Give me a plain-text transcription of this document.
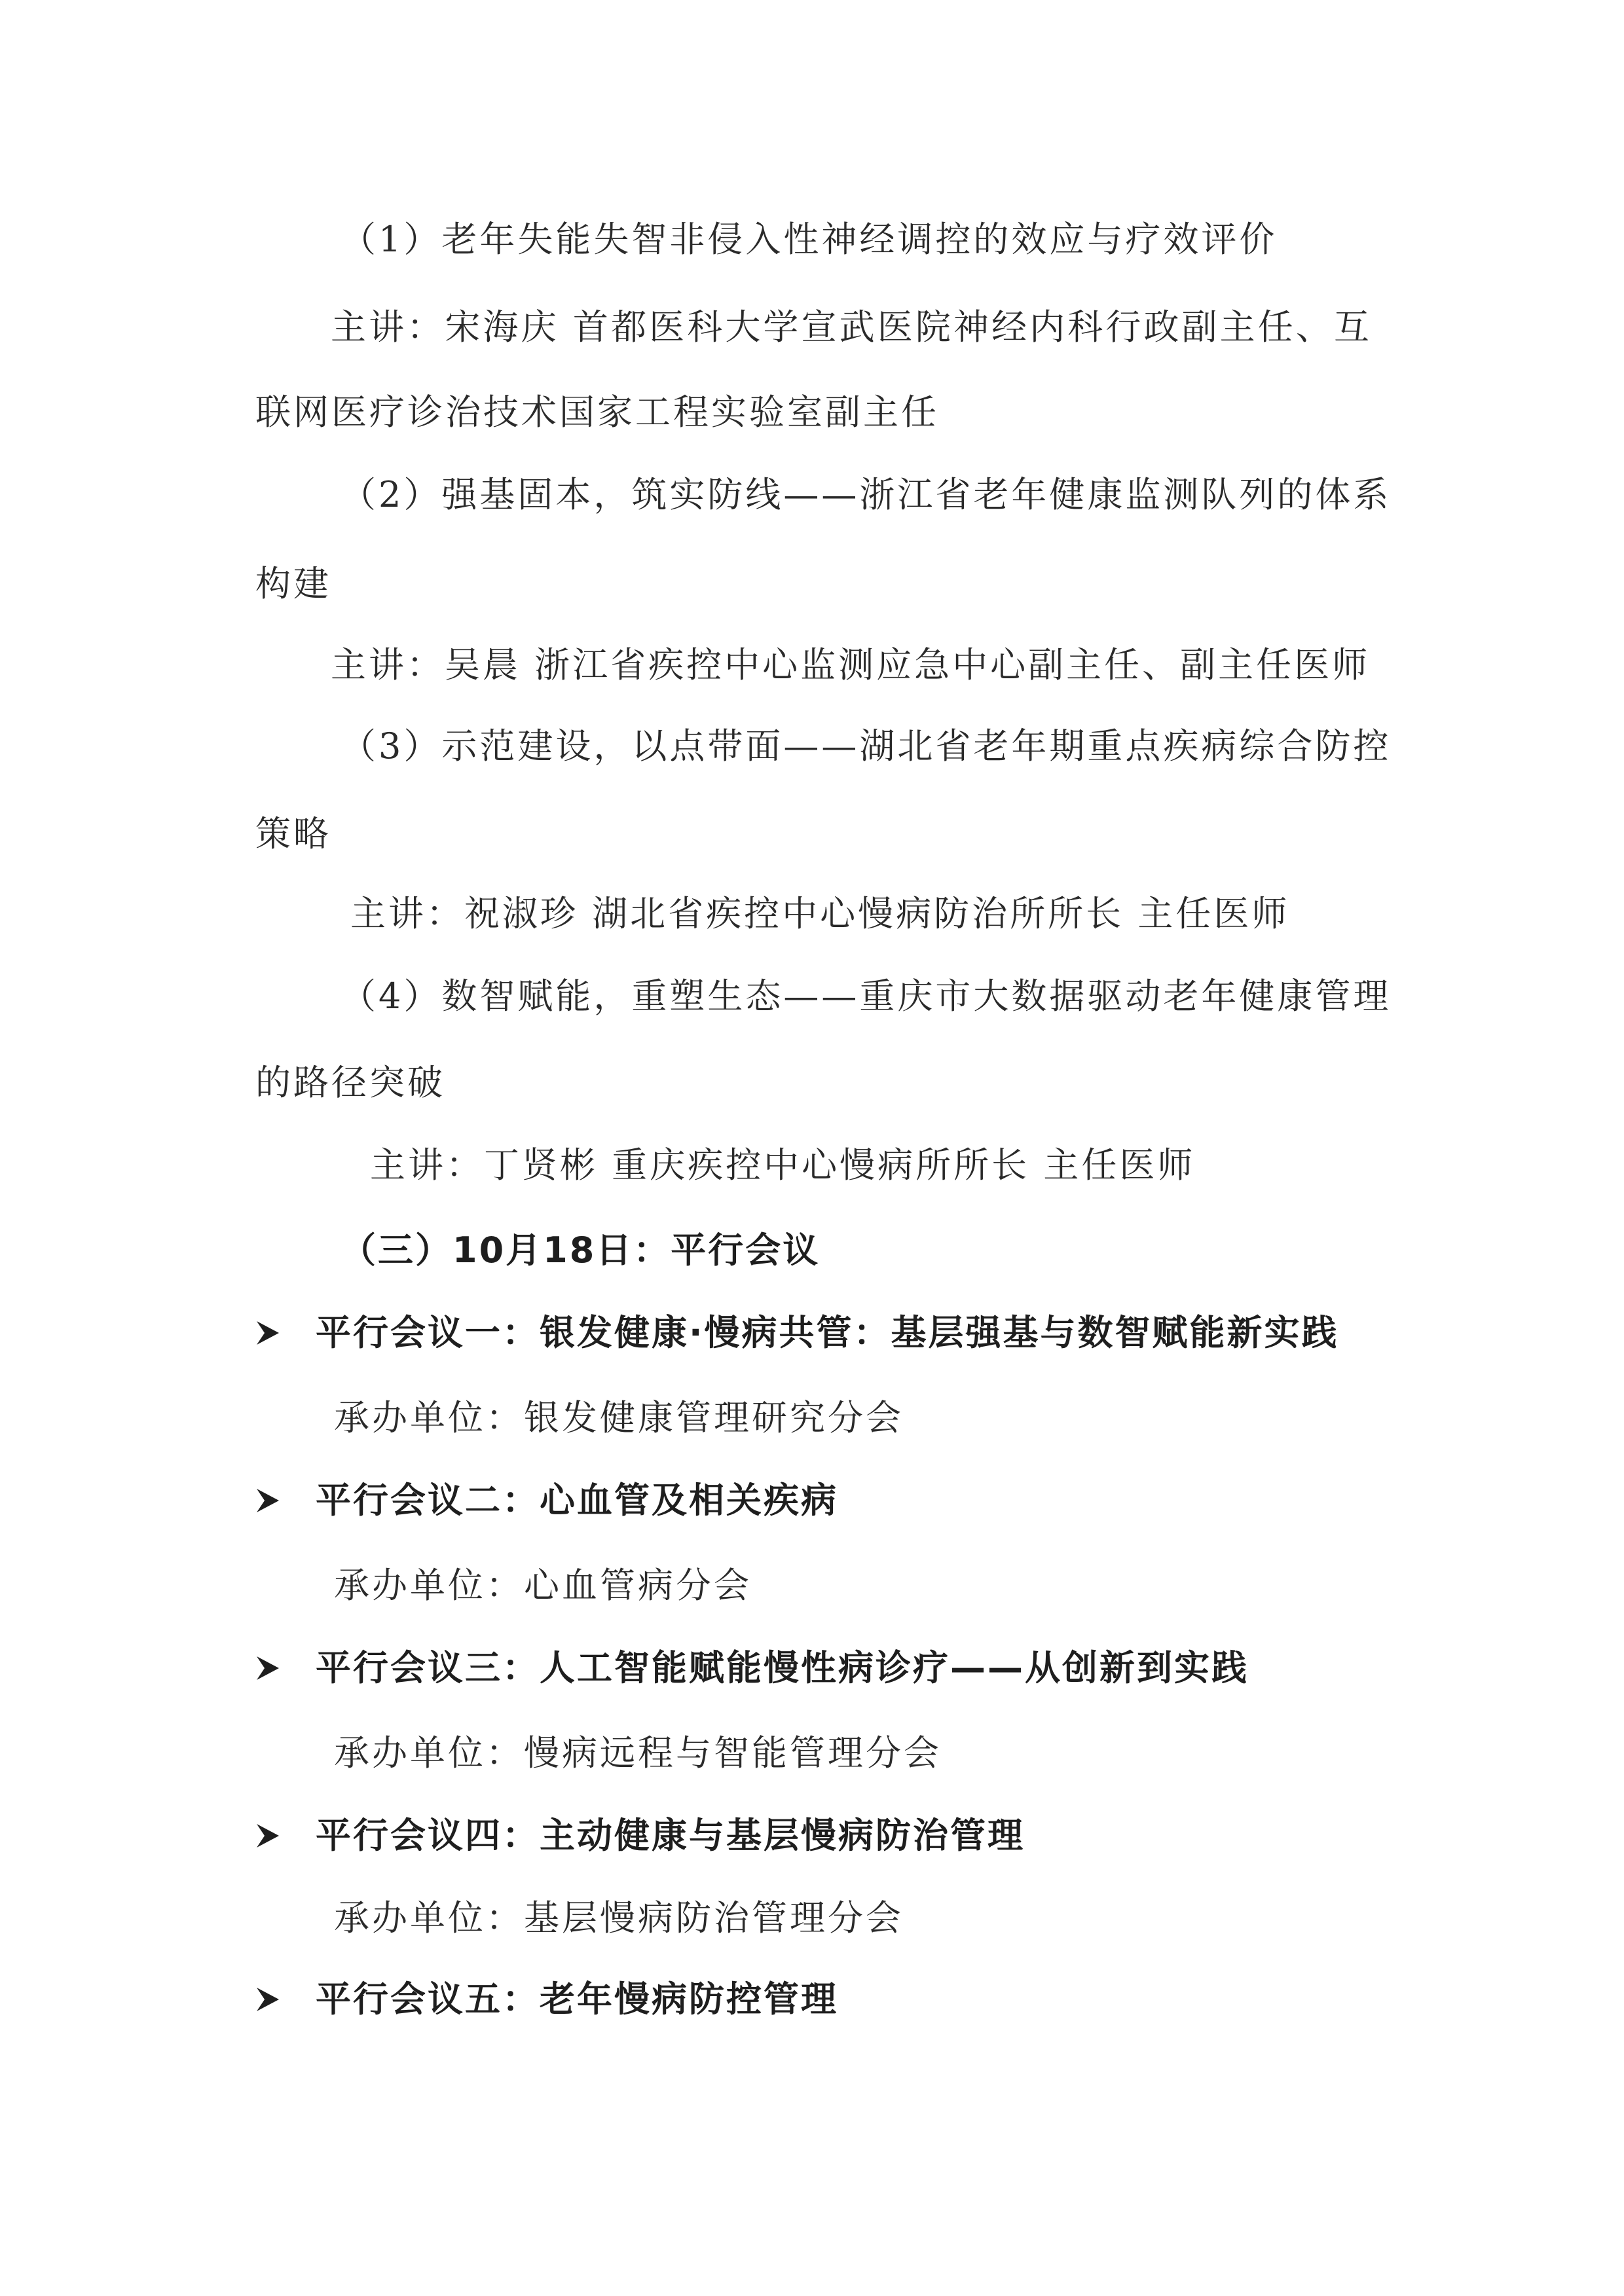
（1）老年失能失智非侵入性神经调控的效应与疗效评价
主讲：宋海庆 首都医科大学宣武医院神经内科行政副主任、互
联网医疗诊治技术国家工程实验室副主任
（2）强基固本，筑实防线——浙江省老年健康监测队列的体系
构建
主讲：吴晨 浙江省疾控中心监测应急中心副主任、副主任医师
（3）示范建设，以点带面——湖北省老年期重点疾病综合防控
策略
主讲：祝淑珍 湖北省疾控中心慢病防治所所长 主任医师
（4）数智赋能，重塑生态——重庆市大数据驱动老年健康管理
的路径突破
主讲：丁贤彬 重庆疾控中心慢病所所长 主任医师
（三）10月18日：平行会议
平行会议一：银发健康·慢病共管：基层强基与数智赋能新实践
承办单位：银发健康管理研究分会
平行会议二：心血管及相关疾病
承办单位：心血管病分会
平行会议三：人工智能赋能慢性病诊疗——从创新到实践
承办单位：慢病远程与智能管理分会
平行会议四：主动健康与基层慢病防治管理
承办单位：基层慢病防治管理分会
平行会议五：老年慢病防控管理
